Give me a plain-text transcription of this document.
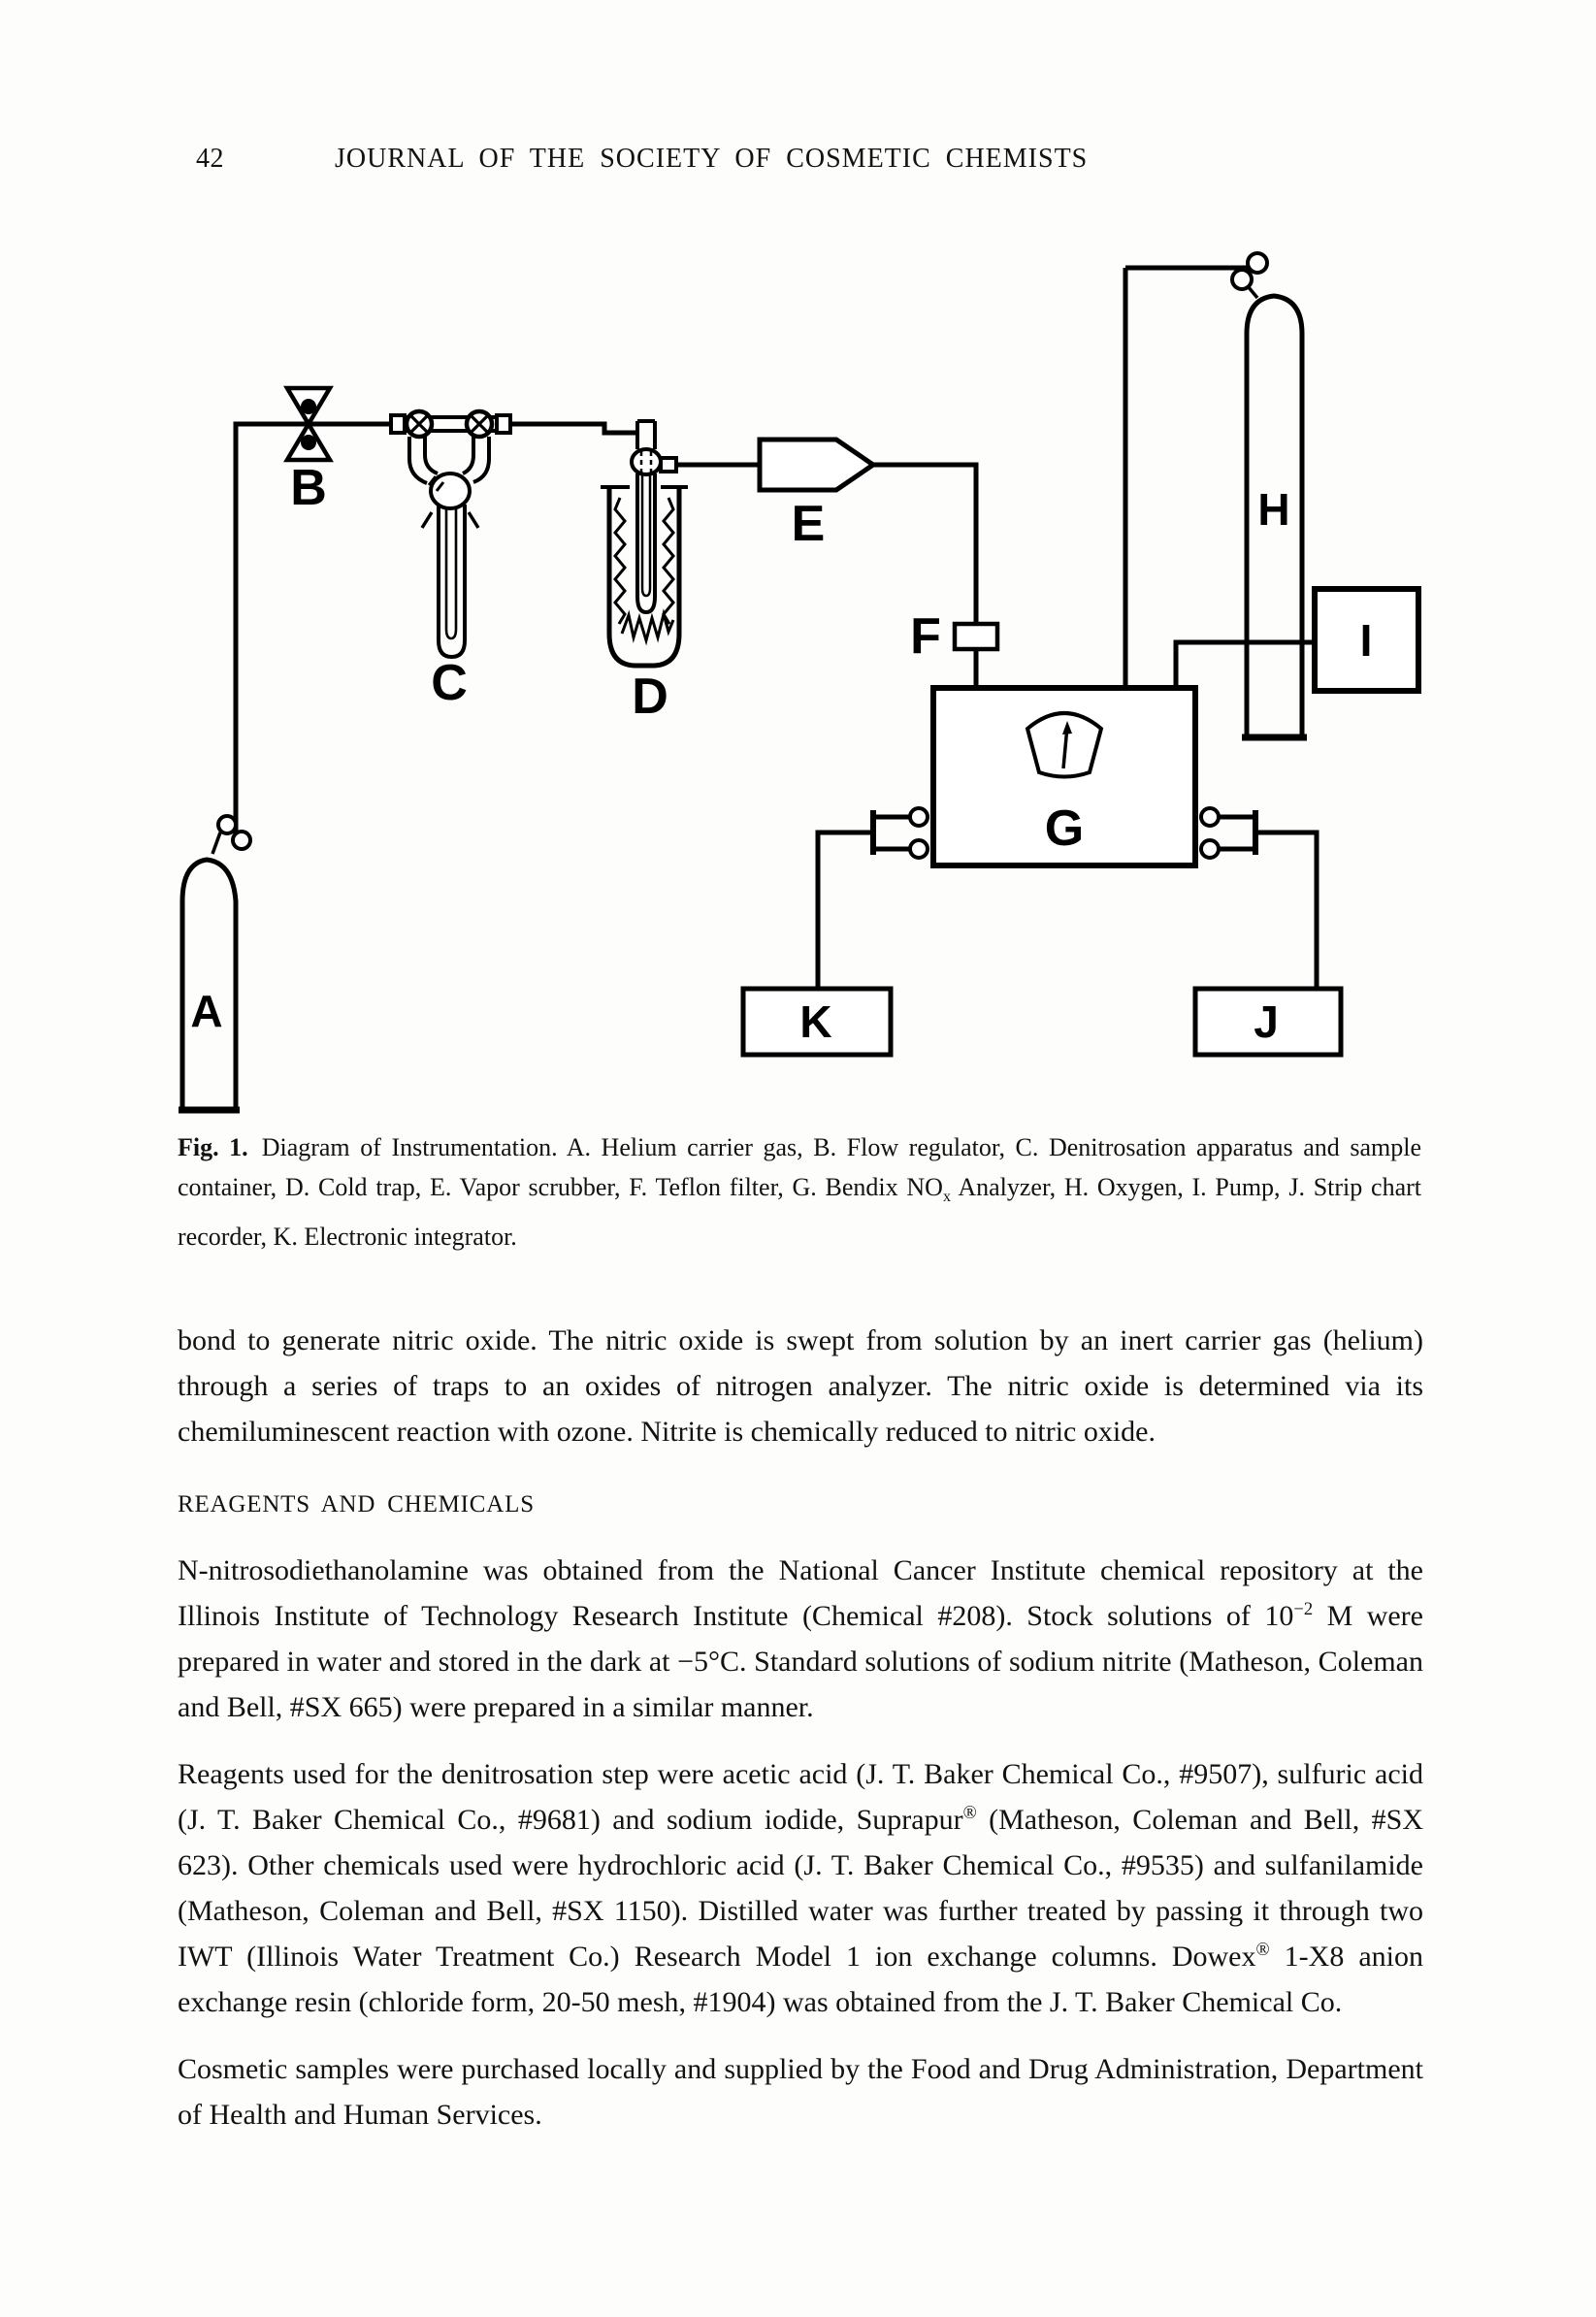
42	JOURNAL OF THE SOCIETY OF COSMETIC CHEMISTS
A
B
C	D
E
F
G
H
I
K	J

Fig. 1. Diagram of Instrumentation. A. Helium carrier gas, B. Flow regulator, C. Denitrosation apparatus and sample container, D. Cold trap, E. Vapor scrubber, F. Teflon filter, G. Bendix $NO_x$ Analyzer, H. Oxygen, I. Pump, J. Strip chart recorder, K. Electronic integrator.

bond to generate nitric oxide. The nitric oxide is swept from solution by an inert carrier gas (helium) through a series of traps to an oxides of nitrogen analyzer. The nitric oxide is determined via its chemiluminescent reaction with ozone. Nitrite is chemically reduced to nitric oxide.

REAGENTS AND CHEMICALS

N-nitrosodiethanolamine was obtained from the National Cancer Institute chemical repository at the Illinois Institute of Technology Research Institute (Chemical #208). Stock solutions of $10^{-2}$ M were prepared in water and stored in the dark at −5°C. Standard solutions of sodium nitrite (Matheson, Coleman and Bell, #SX 665) were prepared in a similar manner.

Reagents used for the denitrosation step were acetic acid (J. T. Baker Chemical Co., #9507), sulfuric acid (J. T. Baker Chemical Co., #9681) and sodium iodide, Suprapur® (Matheson, Coleman and Bell, #SX 623). Other chemicals used were hydrochloric acid (J. T. Baker Chemical Co., #9535) and sulfanilamide (Matheson, Coleman and Bell, #SX 1150). Distilled water was further treated by passing it through two IWT (Illinois Water Treatment Co.) Research Model 1 ion exchange columns. Dowex® 1-X8 anion exchange resin (chloride form, 20-50 mesh, #1904) was obtained from the J. T. Baker Chemical Co.

Cosmetic samples were purchased locally and supplied by the Food and Drug Administration, Department of Health and Human Services.
